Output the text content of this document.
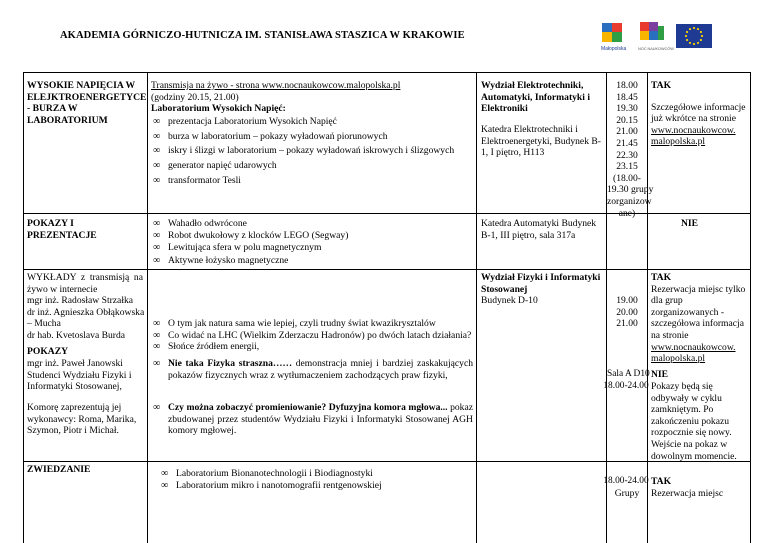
AKADEMIA GÓRNICZO-HUTNICZA IM. STANISŁAWA STASZICA W KRAKOWIE
Małopolska	NOC NAUKOWCÓW
WYSOKIE NAPIĘCIA W ELEJKTROENERGETYCE - BURZA W LABORATORIUM
Transmisja na żywo - strona www.nocnaukowcow.malopolska.pl
(godziny 20.15, 21.00)
Laboratorium Wysokich Napięć:
∞ prezentacja Laboratorium Wysokich Napięć
∞ burza w laboratorium – pokazy wyładowań piorunowych
∞ iskry i ślizgi w laboratorium – pokazy wyładowań iskrowych i ślizgowych
∞ generator napięć udarowych
∞ transformator Tesli
Wydział Elektrotechniki, Automatyki, Informatyki i Elektroniki
Katedra Elektrotechniki i Elektroenergetyki, Budynek B-1, I piętro, H113
18.00
18.45
19.30
20.15
21.00
21.45
22.30
23.15
(18.00-
19.30 grupy
zorganizow
ane)
TAK
Szczegółowe informacje już wkrótce na stronie
www.nocnaukowcow.
malopolska.pl
POKAZY I PREZENTACJE
∞ Wahadło odwrócone
∞ Robot dwukołowy z klocków LEGO (Segway)
∞ Lewitująca sfera w polu magnetycznym
∞ Aktywne łożysko magnetyczne
Katedra Automatyki Budynek B-1, III piętro, sala 317a
NIE
WYKŁADY z transmisją na żywo w internecie
mgr inż. Radosław Strzałka
dr inż. Agnieszka Obłąkowska – Mucha
dr hab. Kvetoslava Burda
∞ O tym jak natura sama wie lepiej, czyli trudny świat kwazikrysztalów
∞ Co widać na LHC (Wielkim Zderzaczu Hadronów) po dwóch latach działania?
∞ Słońce źródłem energii,
Wydział Fizyki i Informatyki Stosowanej
Budynek D-10	19.00
20.00
21.00
TAK
Rezerwacja miejsc tylko dla grup zorganizowanych - szczegółowa informacja na stronie
www.nocnaukowcow.
malopolska.pl
POKAZY
mgr inż. Paweł Janowski Studenci Wydziału Fizyki i Informatyki Stosowanej,
∞ Nie taka Fizyka straszna…… demonstracja mniej i bardziej zaskakujących pokazów fizycznych wraz z wytłumaczeniem zachodzących praw fizyki,	Sala A D10
18.00-24.00
NIE
Pokazy będą się odbywały w cyklu zamkniętym. Po zakończeniu pokazu rozpocznie się nowy. Wejście na pokaz w dowolnym momencie.
Komorę zaprezentują jej wykonawcy: Roma, Marika, Szymon, Piotr i Michał.
∞ Czy można zobaczyć promieniowanie? Dyfuzyjna komora mgłowa... pokaz zbudowanej przez studentów Wydziału Fizyki i Informatyki Stosowanej AGH komory mgłowej.
ZWIEDZANIE
∞	Laboratorium Bionanotechnologii i Biodiagnostyki
∞ Laboratorium mikro i nanotomografii rentgenowskiej	18.00-24.00
Grupy
TAK
Rezerwacja miejsc
